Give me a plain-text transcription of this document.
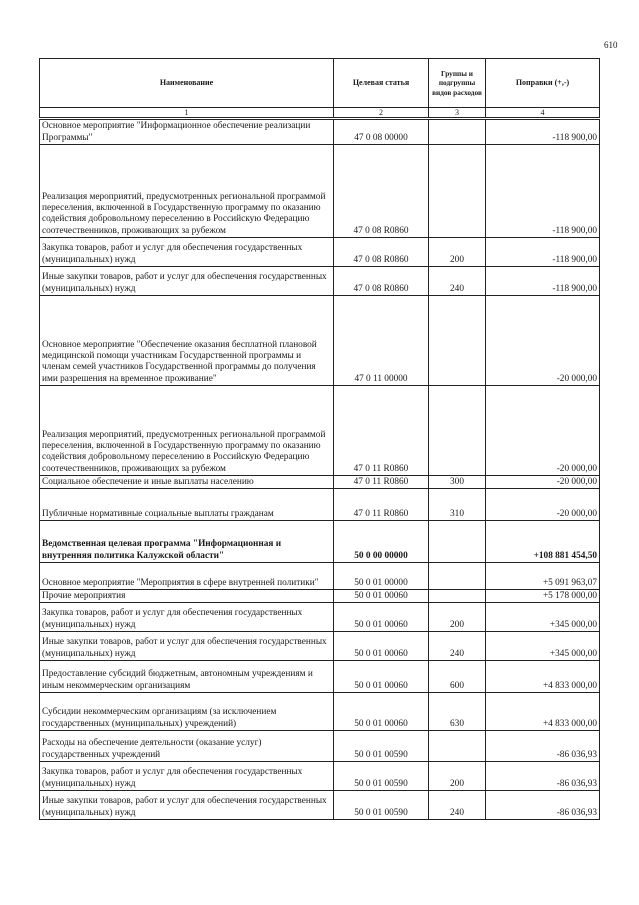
610
Наименование	Целевая статья	Группы и подгруппы видов расходов	Поправки (+,-)
1	2	3	4
Основное мероприятие "Информационное обеспечение реализации Программы"	47 0 08 00000		-118 900,00
Реализация мероприятий, предусмотренных региональной программой переселения, включенной в Государственную программу по оказанию содействия добровольному переселению в Российскую Федерацию соотечественников, проживающих за рубежом	47 0 08 R0860		-118 900,00
Закупка товаров, работ и услуг для обеспечения государственных (муниципальных) нужд	47 0 08 R0860	200	-118 900,00
Иные закупки товаров, работ и услуг для обеспечения государственных (муниципальных) нужд	47 0 08 R0860	240	-118 900,00
Основное мероприятие "Обеспечение оказания бесплатной плановой медицинской помощи участникам Государственной программы и членам семей участников Государственной программы до получения ими разрешения на временное проживание"	47 0 11 00000		-20 000,00
Реализация мероприятий, предусмотренных региональной программой переселения, включенной в Государственную программу по оказанию содействия добровольному переселению в Российскую Федерацию соотечественников, проживающих за рубежом	47 0 11 R0860		-20 000,00
Социальное обеспечение и иные выплаты населению	47 0 11 R0860	300	-20 000,00
Публичные нормативные социальные выплаты гражданам	47 0 11 R0860	310	-20 000,00
Ведомственная целевая программа "Информационная и внутренняя политика Калужской области"	50 0 00 00000		+108 881 454,50
Основное мероприятие "Мероприятия в сфере внутренней политики"	50 0 01 00000		+5 091 963,07
Прочие мероприятия	50 0 01 00060		+5 178 000,00
Закупка товаров, работ и услуг для обеспечения государственных (муниципальных) нужд	50 0 01 00060	200	+345 000,00
Иные закупки товаров, работ и услуг для обеспечения государственных (муниципальных) нужд	50 0 01 00060	240	+345 000,00
Предоставление субсидий бюджетным, автономным учреждениям и иным некоммерческим организациям	50 0 01 00060	600	+4 833 000,00
Субсидии некоммерческим организациям (за исключением государственных (муниципальных) учреждений)	50 0 01 00060	630	+4 833 000,00
Расходы на обеспечение деятельности (оказание услуг) государственных учреждений	50 0 01 00590		-86 036,93
Закупка товаров, работ и услуг для обеспечения государственных (муниципальных) нужд	50 0 01 00590	200	-86 036,93
Иные закупки товаров, работ и услуг для обеспечения государственных (муниципальных) нужд	50 0 01 00590	240	-86 036,93
